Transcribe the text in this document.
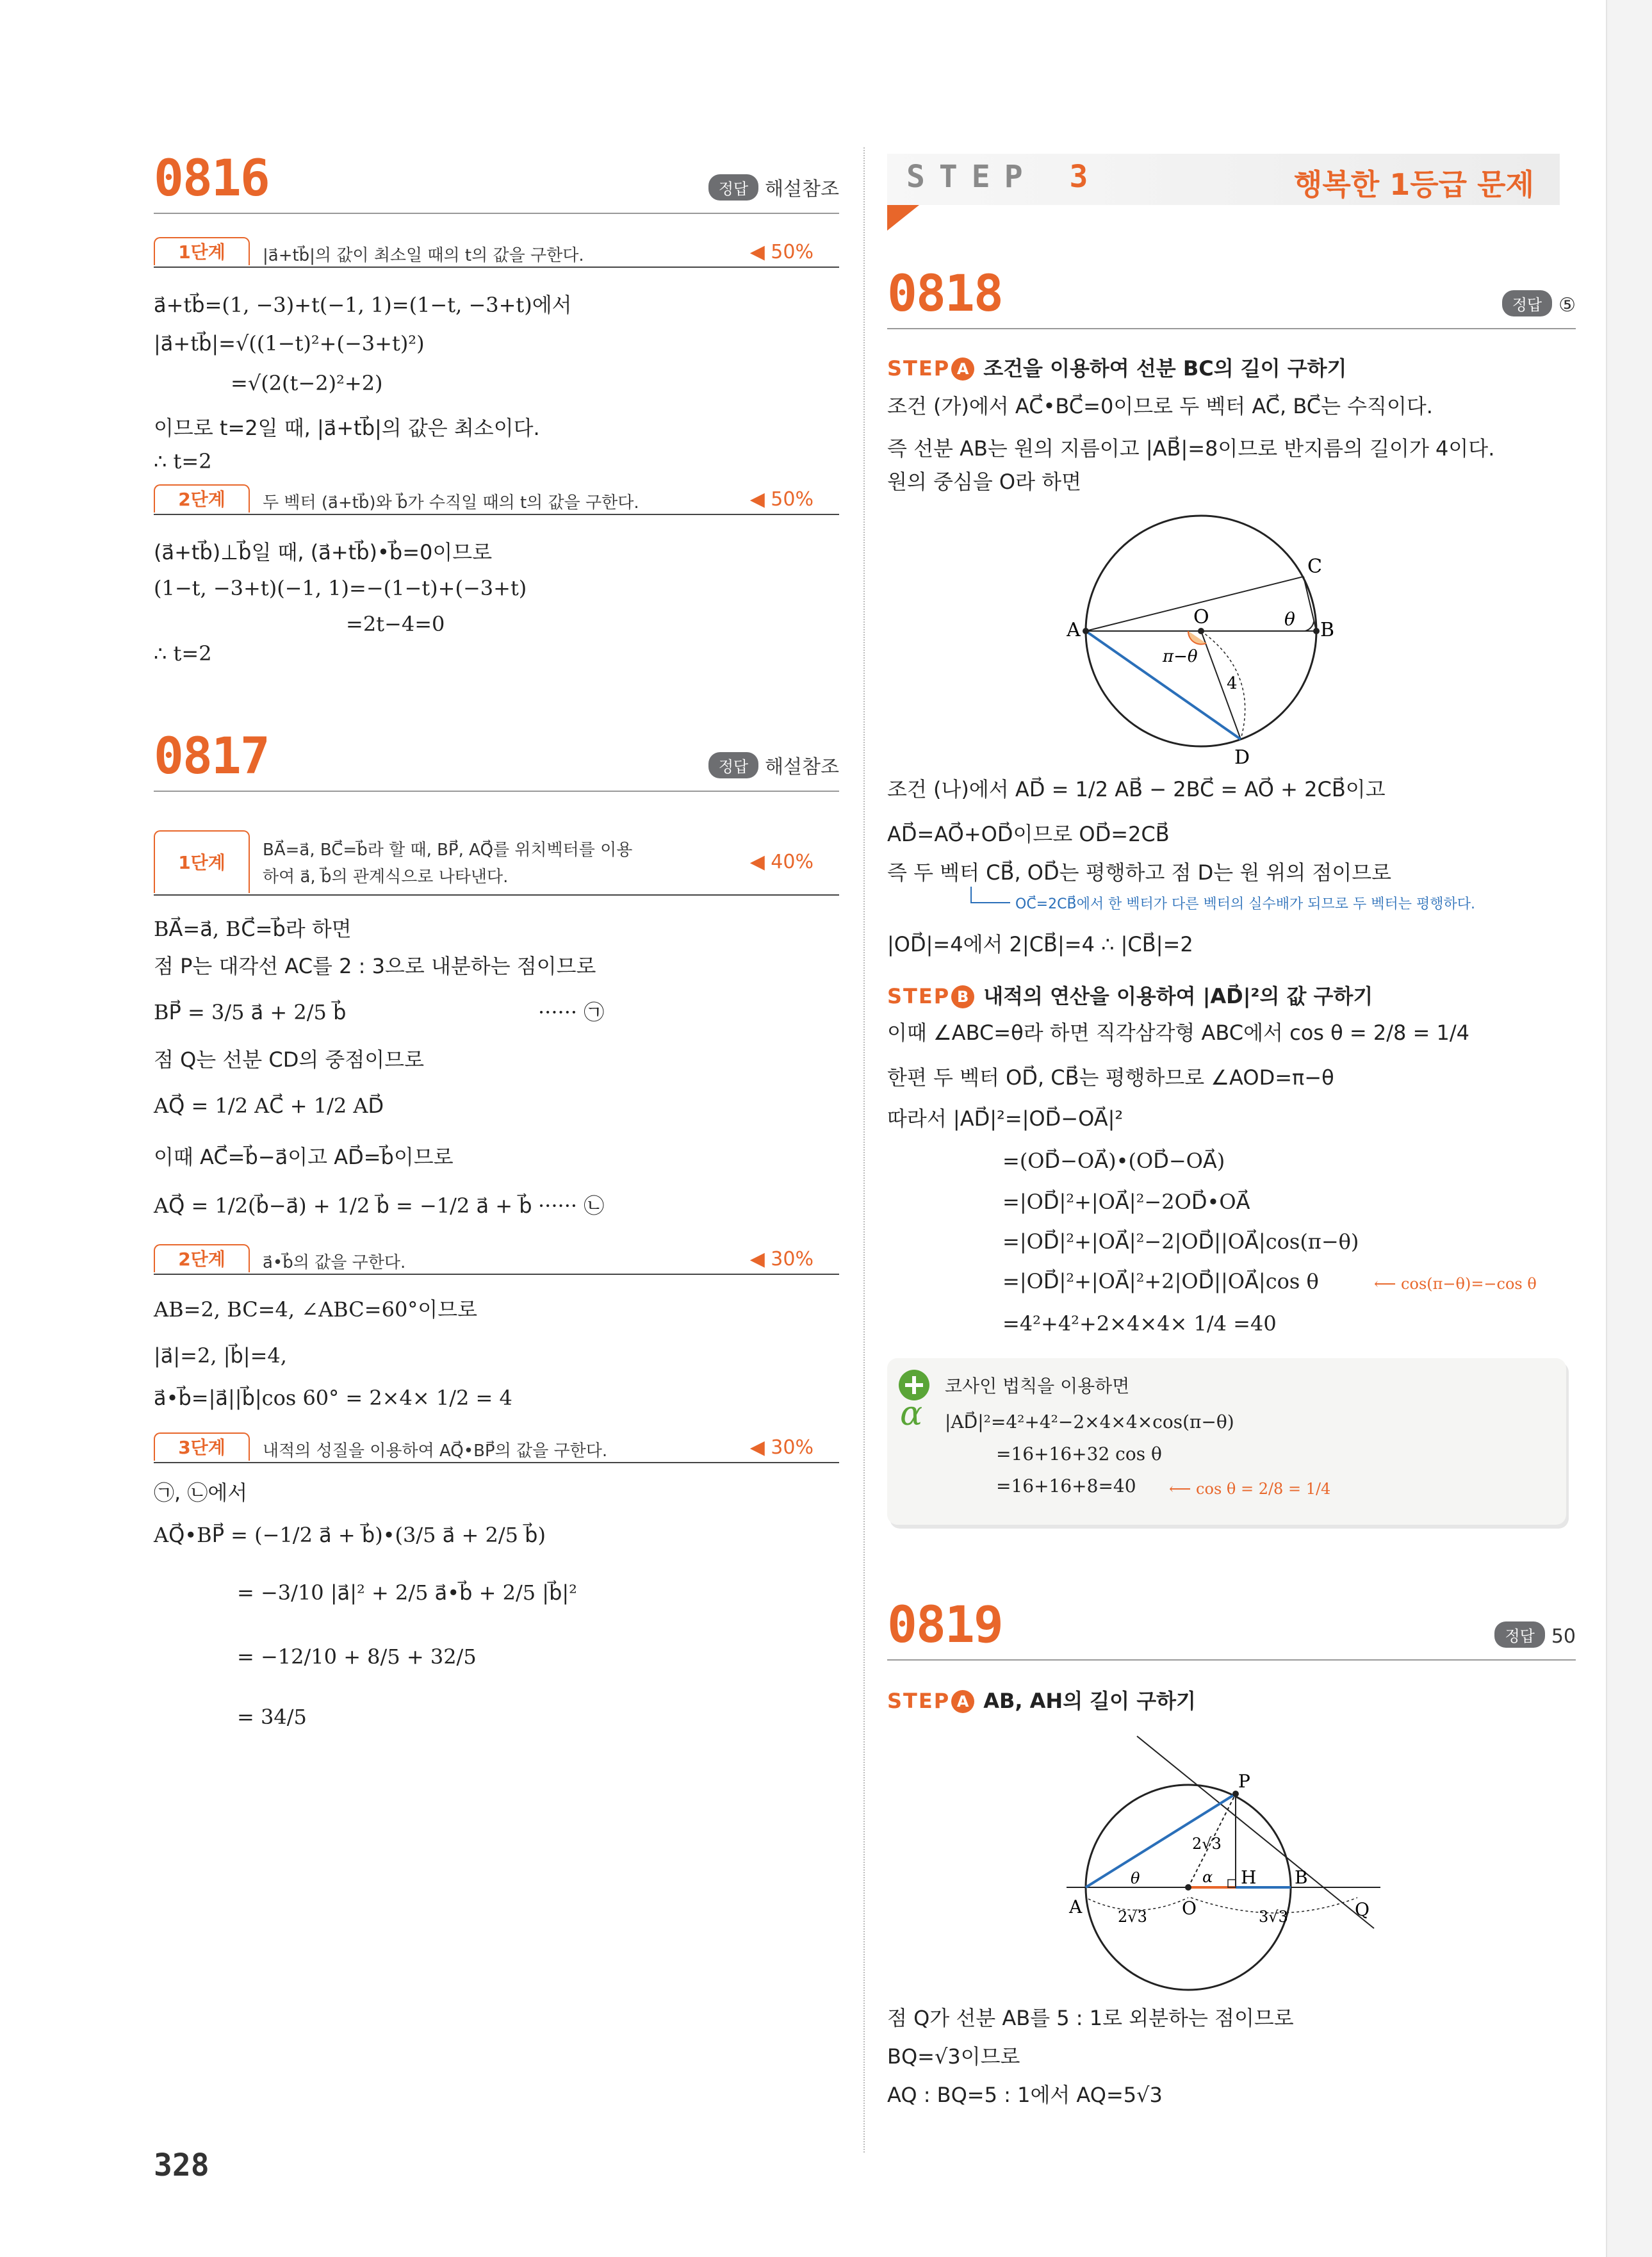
0816	정답 해설참조
1단계	|a⃗+tb⃗|의 값이 최소일 때의 t의 값을 구한다.	◀ 50%
a⃗+tb⃗=(1, −3)+t(−1, 1)=(1−t, −3+t)에서
|a⃗+tb⃗|=√((1−t)²+(−3+t)²)
=√(2(t−2)²+2)
이므로 t=2일 때, |a⃗+tb⃗|의 값은 최소이다.
∴ t=2
2단계	두 벡터 (a⃗+tb⃗)와 b⃗가 수직일 때의 t의 값을 구한다.	◀ 50%
(a⃗+tb⃗)⊥b⃗일 때, (a⃗+tb⃗)•b⃗=0이므로
(1−t, −3+t)(−1, 1)=−(1−t)+(−3+t)
=2t−4=0
∴ t=2
0817	정답 해설참조
1단계
BA⃗=a⃗, BC⃗=b⃗라 할 때, BP⃗, AQ⃗를 위치벡터를 이용
하여 a⃗, b⃗의 관계식으로 나타낸다.
◀ 40%
BA⃗=a⃗, BC⃗=b⃗라 하면
점 P는 대각선 AC를 2 : 3으로 내분하는 점이므로
BP⃗ = 3/5 a⃗ + 2/5 b⃗	······ ㉠
점 Q는 선분 CD의 중점이므로
AQ⃗ = 1/2 AC⃗ + 1/2 AD⃗
이때 AC⃗=b⃗−a⃗이고 AD⃗=b⃗이므로
AQ⃗ = 1/2(b⃗−a⃗) + 1/2 b⃗ = −1/2 a⃗ + b⃗ ······ ㉡
2단계	a⃗•b⃗의 값을 구한다.	◀ 30%
AB=2, BC=4, ∠ABC=60°이므로
|a⃗|=2, |b⃗|=4,
a⃗•b⃗=|a⃗||b⃗|cos 60° = 2×4× 1/2 = 4
3단계	내적의 성질을 이용하여 AQ⃗•BP⃗의 값을 구한다.	◀ 30%
㉠, ㉡에서
AQ⃗•BP⃗ = (−1/2 a⃗ + b⃗)•(3/5 a⃗ + 2/5 b⃗)
= −3/10 |a⃗|² + 2/5 a⃗•b⃗ + 2/5 |b⃗|²
= −12/10 + 8/5 + 32/5
= 34/5
328
STEP 3	행복한 1등급 문제
0818	정답 ⑤
STEP A 조건을 이용하여 선분 BC의 길이 구하기
조건 (가)에서 AC⃗•BC⃗=0이므로 두 벡터 AC⃗, BC⃗는 수직이다.
즉 선분 AB는 원의 지름이고 |AB⃗|=8이므로 반지름의 길이가 4이다.
원의 중심을 O라 하면
A	B
C
D
O	θ
π−θ
4
조건 (나)에서 AD⃗ = 1/2 AB⃗ − 2BC⃗ = AO⃗ + 2CB⃗이고
AD⃗=AO⃗+OD⃗이므로 OD⃗=2CB⃗
즉 두 벡터 CB⃗, OD⃗는 평행하고 점 D는 원 위의 점이므로
OC⃗=2CB⃗에서 한 벡터가 다른 벡터의 실수배가 되므로 두 벡터는 평행하다.
|OD⃗|=4에서 2|CB⃗|=4 ∴ |CB⃗|=2
STEP B 내적의 연산을 이용하여 |AD⃗|²의 값 구하기
이때 ∠ABC=θ라 하면 직각삼각형 ABC에서 cos θ = 2/8 = 1/4
한편 두 벡터 OD⃗, CB⃗는 평행하므로 ∠AOD=π−θ
따라서 |AD⃗|²=|OD⃗−OA⃗|²
=(OD⃗−OA⃗)•(OD⃗−OA⃗)
=|OD⃗|²+|OA⃗|²−2OD⃗•OA⃗
=|OD⃗|²+|OA⃗|²−2|OD⃗||OA⃗|cos(π−θ)
=|OD⃗|²+|OA⃗|²+2|OD⃗||OA⃗|cos θ	⟵ cos(π−θ)=−cos θ
=4²+4²+2×4×4× 1/4 =40
α
코사인 법칙을 이용하면
|AD⃗|²=4²+4²−2×4×4×cos(π−θ)
=16+16+32 cos θ
=16+16+8=40 ⟵ cos θ = 2/8 = 1/4
0819	정답 50
STEP A AB, AH의 길이 구하기
A
B
H
O
P
Q
θ	α
2√3
2√3	3√3
점 Q가 선분 AB를 5 : 1로 외분하는 점이므로
BQ=√3이므로
AQ : BQ=5 : 1에서 AQ=5√3
